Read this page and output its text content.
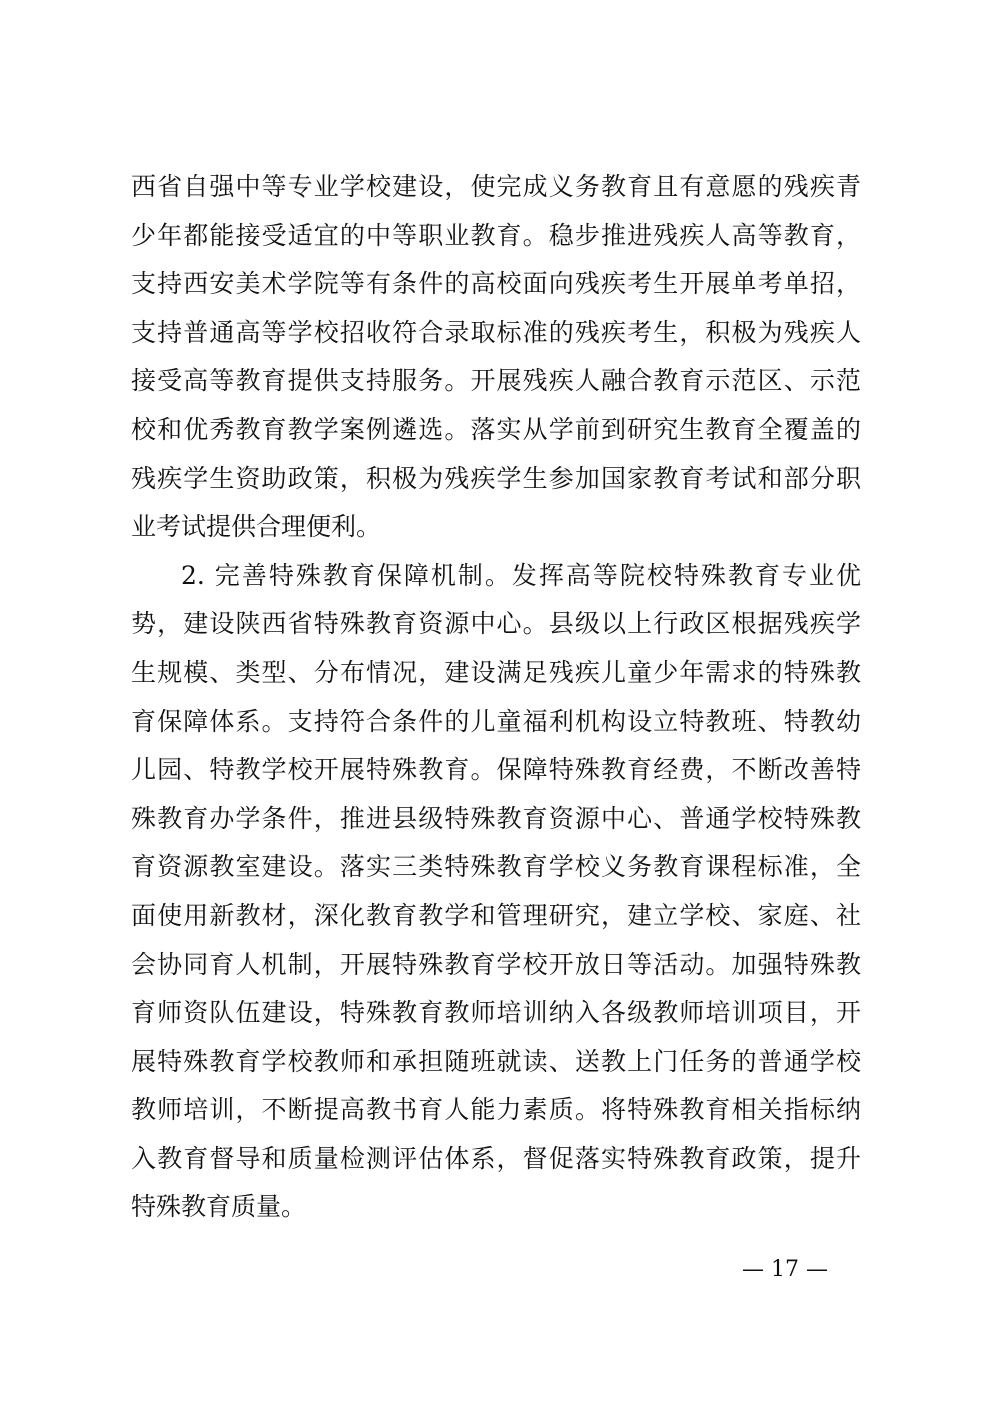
西省自强中等专业学校建设，使完成义务教育且有意愿的残疾青
少年都能接受适宜的中等职业教育。稳步推进残疾人高等教育，
支持西安美术学院等有条件的高校面向残疾考生开展单考单招，
支持普通高等学校招收符合录取标准的残疾考生，积极为残疾人
接受高等教育提供支持服务。开展残疾人融合教育示范区、示范
校和优秀教育教学案例遴选。落实从学前到研究生教育全覆盖的
残疾学生资助政策，积极为残疾学生参加国家教育考试和部分职
业考试提供合理便利。
2. 完善特殊教育保障机制。发挥高等院校特殊教育专业优
势，建设陕西省特殊教育资源中心。县级以上行政区根据残疾学
生规模、类型、分布情况，建设满足残疾儿童少年需求的特殊教
育保障体系。支持符合条件的儿童福利机构设立特教班、特教幼
儿园、特教学校开展特殊教育。保障特殊教育经费，不断改善特
殊教育办学条件，推进县级特殊教育资源中心、普通学校特殊教
育资源教室建设。落实三类特殊教育学校义务教育课程标准，全
面使用新教材，深化教育教学和管理研究，建立学校、家庭、社
会协同育人机制，开展特殊教育学校开放日等活动。加强特殊教
育师资队伍建设，特殊教育教师培训纳入各级教师培训项目，开
展特殊教育学校教师和承担随班就读、送教上门任务的普通学校
教师培训，不断提高教书育人能力素质。将特殊教育相关指标纳
入教育督导和质量检测评估体系，督促落实特殊教育政策，提升
特殊教育质量。
— 17 —
